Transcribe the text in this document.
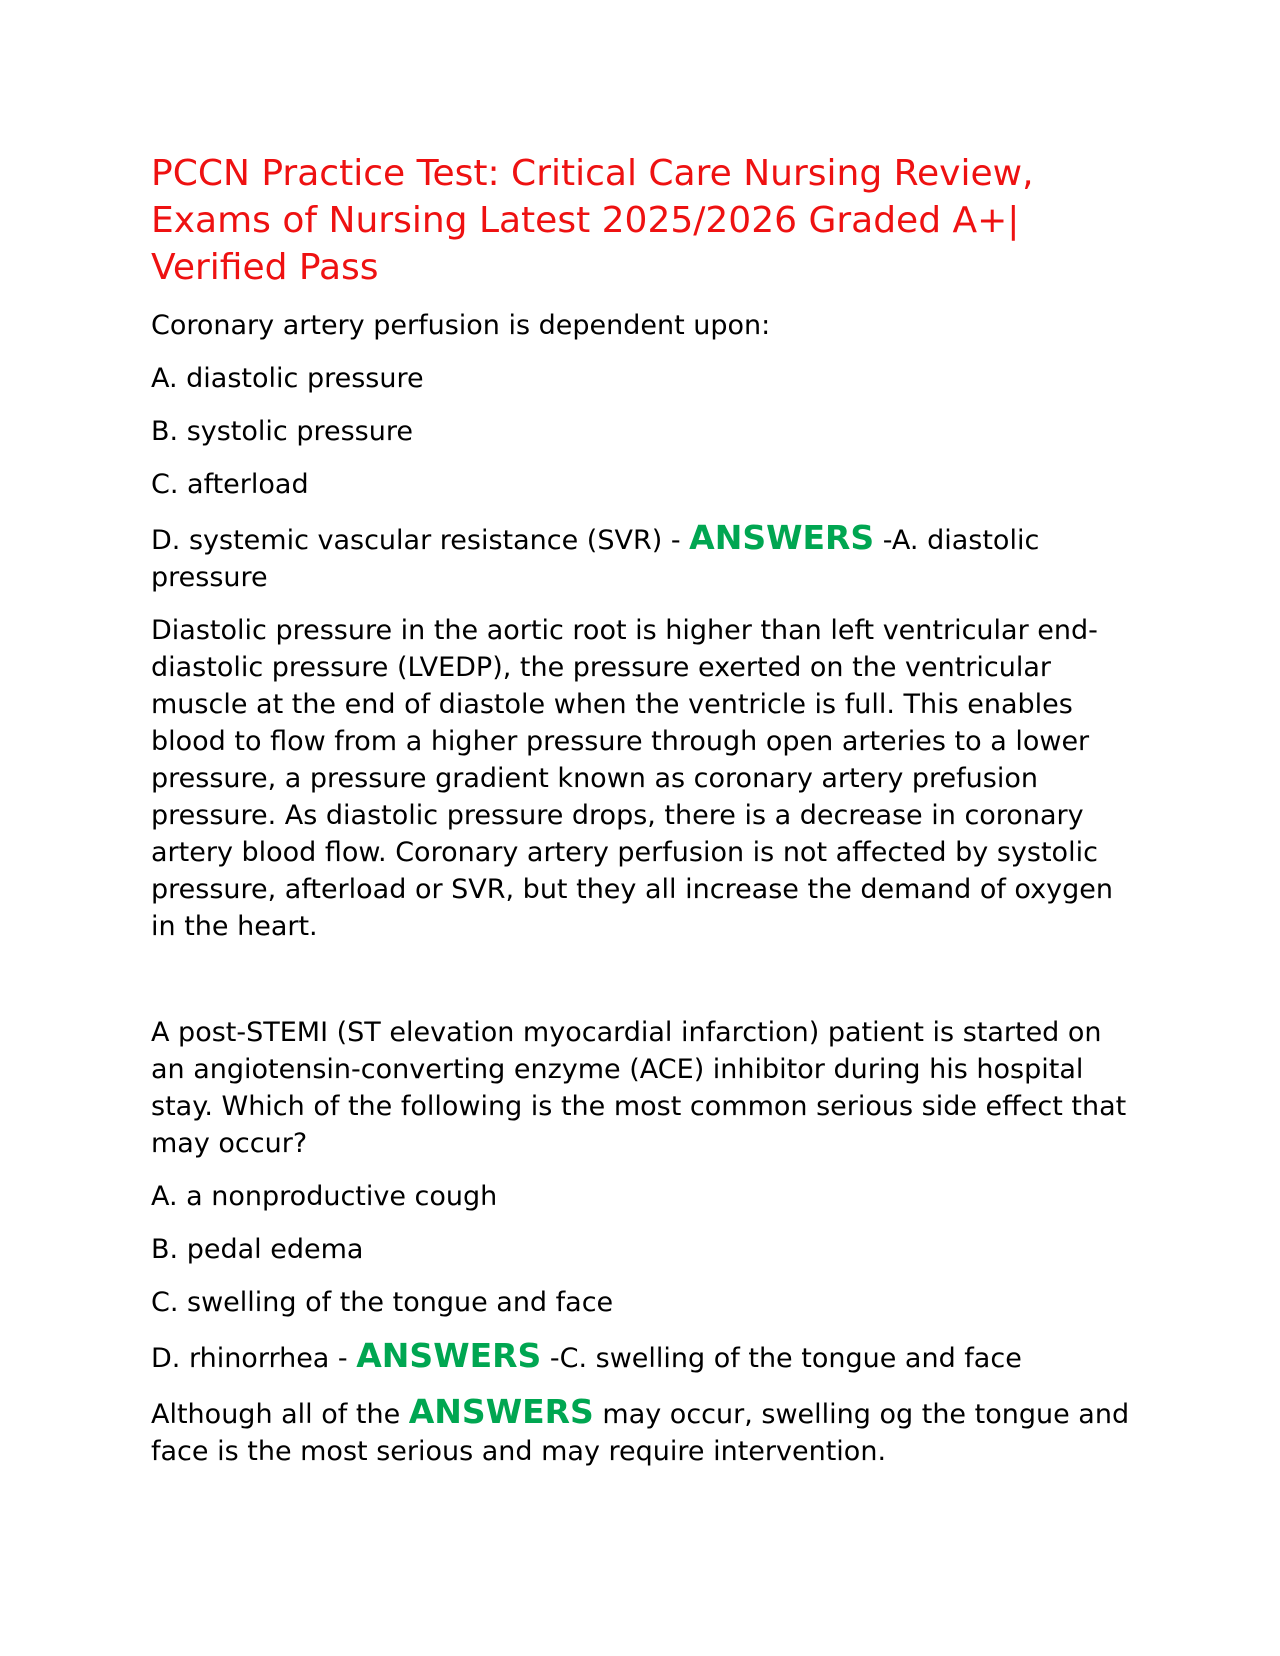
PCCN Practice Test: Critical Care Nursing Review, Exams of Nursing Latest 2025/2026 Graded A+| Verified Pass

Coronary artery perfusion is dependent upon:

A. diastolic pressure

B. systolic pressure

C. afterload

D. systemic vascular resistance (SVR) - ANSWERS -A. diastolic pressure

Diastolic pressure in the aortic root is higher than left ventricular end-diastolic pressure (LVEDP), the pressure exerted on the ventricular muscle at the end of diastole when the ventricle is full. This enables blood to flow from a higher pressure through open arteries to a lower pressure, a pressure gradient known as coronary artery prefusion pressure. As diastolic pressure drops, there is a decrease in coronary artery blood flow. Coronary artery perfusion is not affected by systolic pressure, afterload or SVR, but they all increase the demand of oxygen in the heart.

A post-STEMI (ST elevation myocardial infarction) patient is started on an angiotensin-converting enzyme (ACE) inhibitor during his hospital stay. Which of the following is the most common serious side effect that may occur?

A. a nonproductive cough

B. pedal edema

C. swelling of the tongue and face

D. rhinorrhea - ANSWERS -C. swelling of the tongue and face

Although all of the ANSWERS may occur, swelling og the tongue and face is the most serious and may require intervention.
